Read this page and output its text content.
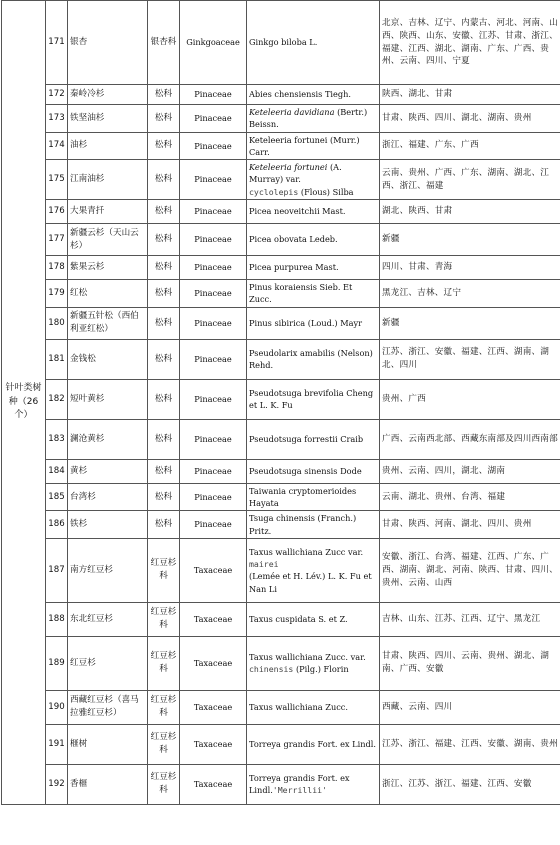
针叶类树种（26个）	171	银杏	银杏科	Ginkgoaceae	Ginkgo biloba L.	北京、吉林、辽宁、内蒙古、河北、河南、山西、陕西、山东、安徽、江苏、甘肃、浙江、福建、江西、湖北、湖南、广东、广西、贵州、云南、四川、宁夏
	172	秦岭冷杉	松科	Pinaceae	Abies chensiensis Tiegh.	陕西、湖北、甘肃
	173	铁坚油杉	松科	Pinaceae	Keteleeria davidiana (Bertr.) Beissn.	甘肃、陕西、四川、湖北、湖南、贵州
	174	油杉	松科	Pinaceae	Keteleeria fortunei (Murr.) Carr.	浙江、福建、广东、广西
	175	江南油杉	松科	Pinaceae	Keteleeria fortunei (A. Murray) var.
cyclolepis (Flous) Silba	云南、贵州、广西、广东、湖南、湖北、江西、浙江、福建
	176	大果青扦	松科	Pinaceae	Picea neoveitchii Mast.	湖北、陕西、甘肃
	177	新疆云杉（天山云杉）	松科	Pinaceae	Picea obovata Ledeb.	新疆
	178	紫果云杉	松科	Pinaceae	Picea purpurea Mast.	四川、甘肃、青海
	179	红松	松科	Pinaceae	Pinus koraiensis Sieb. Et Zucc.	黑龙江、吉林、辽宁
	180	新疆五针松（西伯利亚红松）	松科	Pinaceae	Pinus sibirica (Loud.) Mayr	新疆
	181	金钱松	松科	Pinaceae	Pseudolarix amabilis (Nelson) Rehd.	江苏、浙江、安徽、福建、江西、湖南、湖北、四川
	182	短叶黄杉	松科	Pinaceae	Pseudotsuga brevifolia Cheng et L. K. Fu	贵州、广西
	183	澜沧黄杉	松科	Pinaceae	Pseudotsuga forrestii Craib	广西、云南西北部、西藏东南部及四川西南部
	184	黄杉	松科	Pinaceae	Pseudotsuga sinensis Dode	贵州、云南、四川，湖北、湖南
	185	台湾杉	松科	Pinaceae	Taiwania cryptomerioides Hayata	云南、湖北、贵州、台湾、福建
	186	铁杉	松科	Pinaceae	Tsuga chinensis (Franch.) Pritz.	甘肃、陕西、河南、湖北、四川、贵州
	187	南方红豆杉	红豆杉科	Taxaceae	Taxus wallichiana Zucc var. mairei
(Lemée et H. Lév.) L. K. Fu et Nan Li	安徽、浙江、台湾、福建、江西、广东、广西、湖南、湖北、河南、陕西、甘肃、四川、贵州、云南、山西
	188	东北红豆杉	红豆杉科	Taxaceae	Taxus cuspidata S. et Z.	吉林、山东、江苏、江西、辽宁、黑龙江
	189	红豆杉	红豆杉科	Taxaceae	Taxus wallichiana Zucc. var.
chinensis (Pilg.) Florin	甘肃、陕西、四川、云南、贵州、湖北、湖南、广西、安徽
	190	西藏红豆杉（喜马拉雅红豆杉）	红豆杉科	Taxaceae	Taxus wallichiana Zucc.	西藏、云南、四川
	191	榧树	红豆杉科	Taxaceae	Torreya grandis Fort. ex Lindl.	江苏、浙江、福建、江西、安徽、湖南、贵州
	192	香榧	红豆杉科	Taxaceae	Torreya grandis Fort. ex
Lindl.'Merrillii'	浙江、江苏、浙江、福建、江西、安徽
